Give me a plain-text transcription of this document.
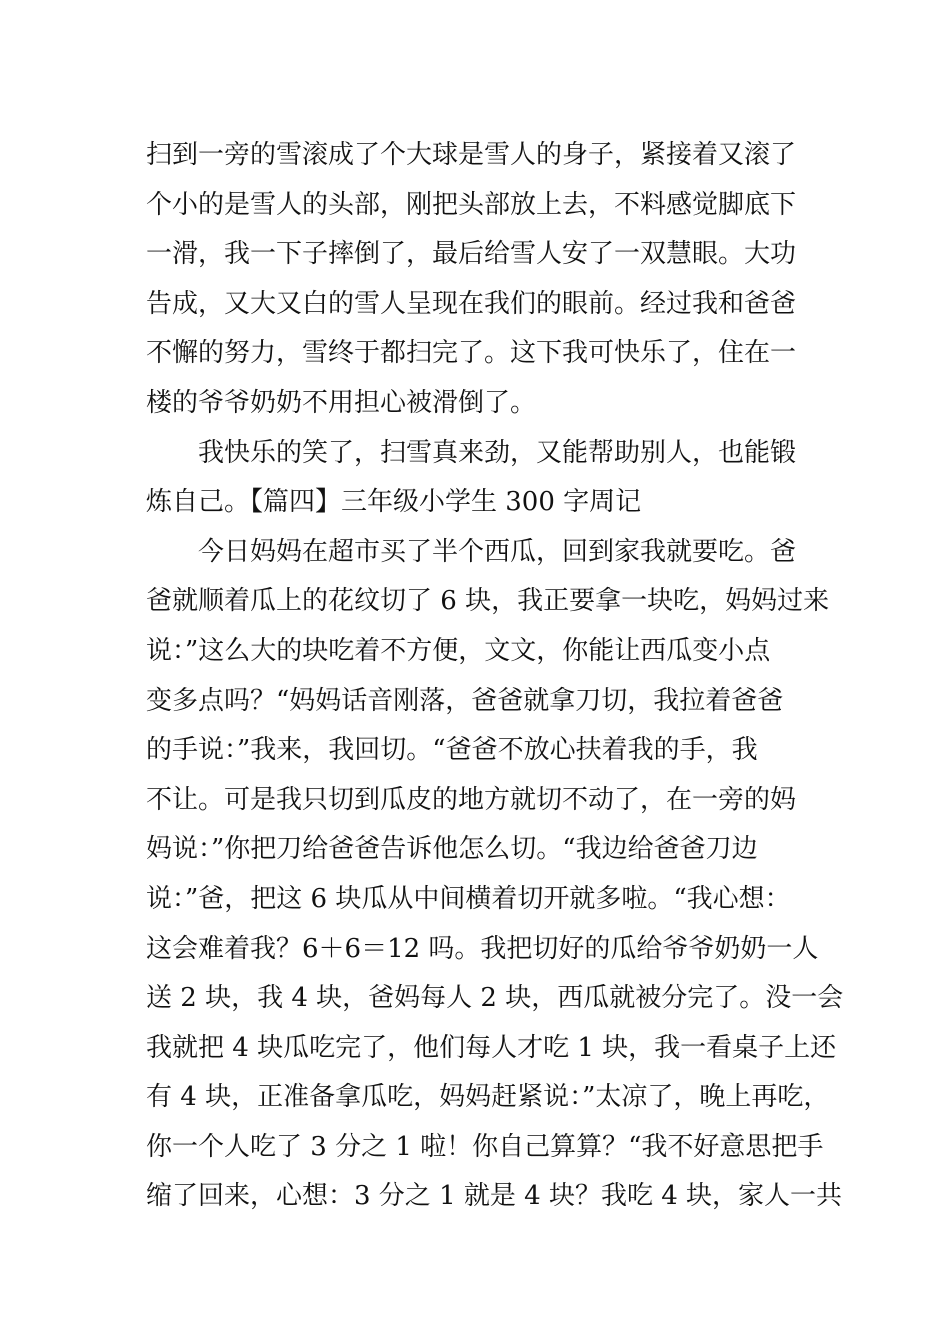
扫到一旁的雪滚成了个大球是雪人的身子，紧接着又滚了
个小的是雪人的头部，刚把头部放上去，不料感觉脚底下
一滑，我一下子摔倒了，最后给雪人安了一双慧眼。大功
告成，又大又白的雪人呈现在我们的眼前。经过我和爸爸
不懈的努力，雪终于都扫完了。这下我可快乐了，住在一
楼的爷爷奶奶不用担心被滑倒了。
我快乐的笑了，扫雪真来劲，又能帮助别人，也能锻
炼自己。【篇四】三年级小学生 300 字周记
今日妈妈在超市买了半个西瓜，回到家我就要吃。爸
爸就顺着瓜上的花纹切了 6 块，我正要拿一块吃，妈妈过来
说：”这么大的块吃着不方便，文文，你能让西瓜变小点
变多点吗？“妈妈话音刚落，爸爸就拿刀切，我拉着爸爸
的手说：”我来，我回切。“爸爸不放心扶着我的手，我
不让。可是我只切到瓜皮的地方就切不动了，在一旁的妈
妈说：”你把刀给爸爸告诉他怎么切。“我边给爸爸刀边
说：”爸，把这 6 块瓜从中间横着切开就多啦。“我心想：
这会难着我？6＋6＝12 吗。我把切好的瓜给爷爷奶奶一人
送 2 块，我 4 块，爸妈每人 2 块，西瓜就被分完了。没一会
我就把 4 块瓜吃完了，他们每人才吃 1 块，我一看桌子上还
有 4 块，正准备拿瓜吃，妈妈赶紧说：”太凉了，晚上再吃，
你一个人吃了 3 分之 1 啦！你自己算算？“我不好意思把手
缩了回来，心想：3 分之 1 就是 4 块？我吃 4 块，家人一共
